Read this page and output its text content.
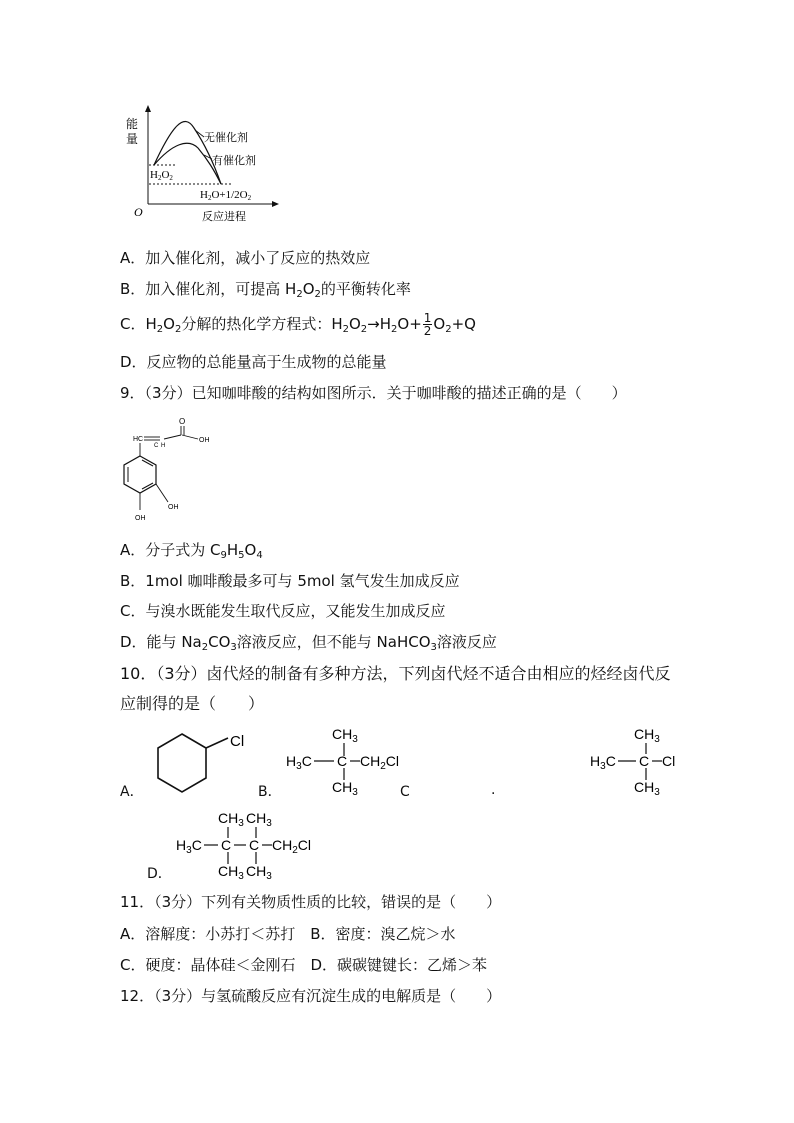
能
量
O	反应进程
无催化剂
有催化剂
H2O2
H2O+1/2O2
A．加入催化剂，减小了反应的热效应
B．加入催化剂，可提高 $H_2O_2$的平衡转化率
C．$H_2O_2$分解的热化学方程式：$H_2O_2\to H_2O+ \frac{1}{2} O_2+Q$
D．反应物的总能量高于生成物的总能量
9．（3分）已知咖啡酸的结构如图所示．关于咖啡酸的描述正确的是（　　）
O
HC
C H
OH
OH
OH
A．分子式为 $C_9H_5O_4$
B．1mol 咖啡酸最多可与 5mol 氢气发生加成反应
C．与溴水既能发生取代反应，又能发生加成反应
D．能与 $Na_2CO_3$溶液反应，但不能与 NaHCO$_3$溶液反应
10．（3分）卤代烃的制备有多种方法，下列卤代烃不适合由相应的烃经卤代反
应制得的是（　　）
A．
Cl
B．
$CH_3$
$H_3C$ C $CH_2Cl$
$CH_3$	C	.
$CH_3$
$H_3C$ C Cl
$CH_3$
D．
$CH_3$ $CH_3$
$H_3C$ C C $CH_2Cl$
$CH_3$ $CH_3$
11．（3分）下列有关物质性质的比较，错误的是（　　）
A．溶解度：小苏打＜苏打　B．密度：溴乙烷＞水
C．硬度：晶体硅＜金刚石　D．碳碳键键长：乙烯＞苯
12．（3分）与氢硫酸反应有沉淀生成的电解质是（　　）
